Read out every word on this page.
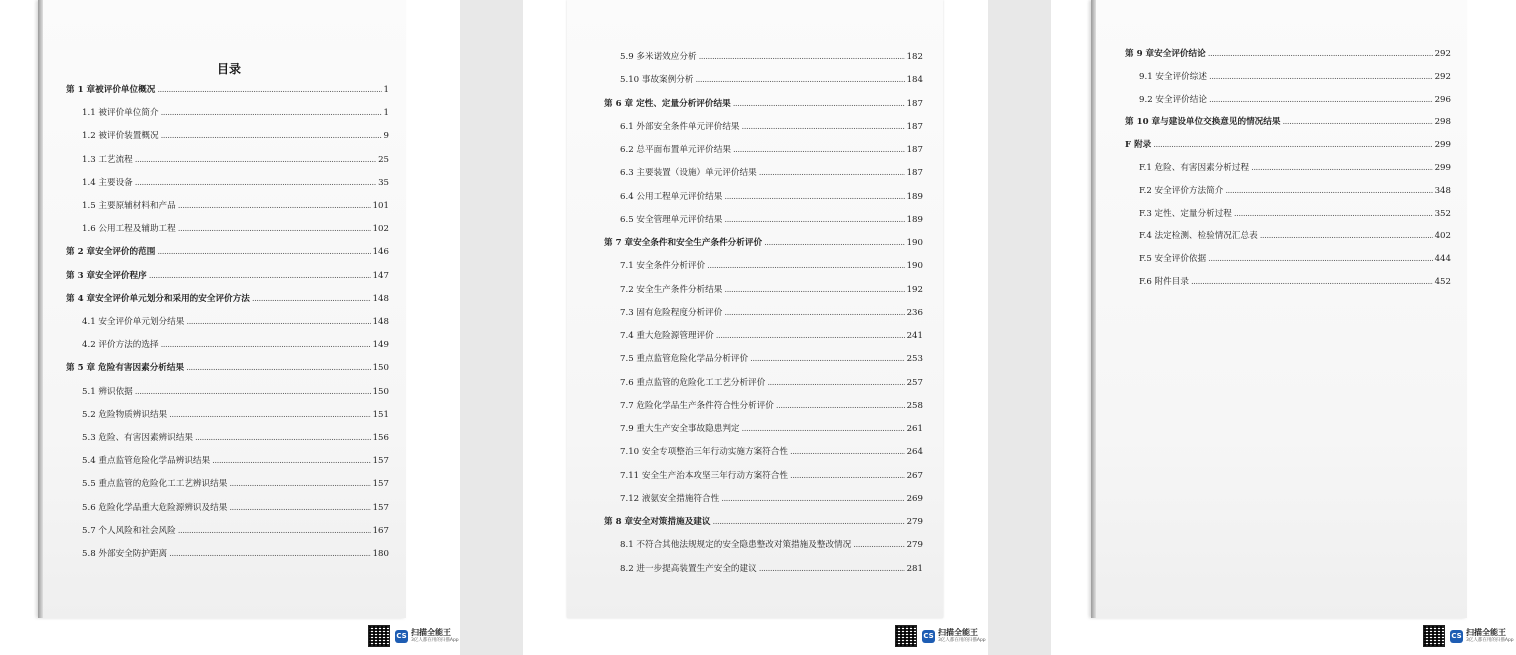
目录
第 1 章被评价单位概况 .....	1
1.1 被评价单位简介 .....	1
1.2 被评价装置概况 .....	9
1.3 工艺流程 .....	25
1.4 主要设备 .....	35
1.5 主要原辅材料和产品 .....	101
1.6 公用工程及辅助工程 .....	102
第 2 章安全评价的范围 .....	146
第 3 章安全评价程序 .....	147
第 4 章安全评价单元划分和采用的安全评价方法 .....	148
4.1 安全评价单元划分结果 .....	148
4.2 评价方法的选择 .....	149
第 5 章 危险有害因素分析结果 .....	150
5.1 辨识依据 .....	150
5.2 危险物质辨识结果 .....	151
5.3 危险、有害因素辨识结果 .....	156
5.4 重点监管危险化学品辨识结果 .....	157
5.5 重点监管的危险化工工艺辨识结果 .....	157
5.6 危险化学品重大危险源辨识及结果 .....	157
5.7 个人风险和社会风险 .....	167
5.8 外部安全防护距离 .....	180
CS 扫描全能王
3亿人都在用的扫描App
5.9 多米诺效应分析 .....	182
5.10 事故案例分析 .....	184
第 6 章 定性、定量分析评价结果 .....	187
6.1 外部安全条件单元评价结果 .....	187
6.2 总平面布置单元评价结果 .....	187
6.3 主要装置（设施）单元评价结果 .....	187
6.4 公用工程单元评价结果 .....	189
6.5 安全管理单元评价结果 .....	189
第 7 章安全条件和安全生产条件分析评价 .....	190
7.1 安全条件分析评价 .....	190
7.2 安全生产条件分析结果 .....	192
7.3 固有危险程度分析评价 .....	236
7.4 重大危险源管理评价 .....	241
7.5 重点监管危险化学品分析评价 .....	253
7.6 重点监管的危险化工工艺分析评价 .....	257
7.7 危险化学品生产条件符合性分析评价 .....	258
7.9 重大生产安全事故隐患判定 .....	261
7.10 安全专项整治三年行动实施方案符合性 .....	264
7.11 安全生产治本攻坚三年行动方案符合性 .....	267
7.12 液氨安全措施符合性 .....	269
第 8 章安全对策措施及建议 .....	279
8.1 不符合其他法规规定的安全隐患整改对策措施及整改情况 .....	279
8.2 进一步提高装置生产安全的建议 .....	281
CS 扫描全能王
3亿人都在用的扫描App
第 9 章安全评价结论 .....	292
9.1 安全评价综述 .....	292
9.2 安全评价结论 .....	296
第 10 章与建设单位交换意见的情况结果 .....	298
F 附录 .....	299
F.1 危险、有害因素分析过程 .....	299
F.2 安全评价方法简介 .....	348
F.3 定性、定量分析过程 .....	352
F.4 法定检测、检验情况汇总表 .....	402
F.5 安全评价依据 .....	444
F.6 附件目录 .....	452
CS 扫描全能王
3亿人都在用的扫描App
